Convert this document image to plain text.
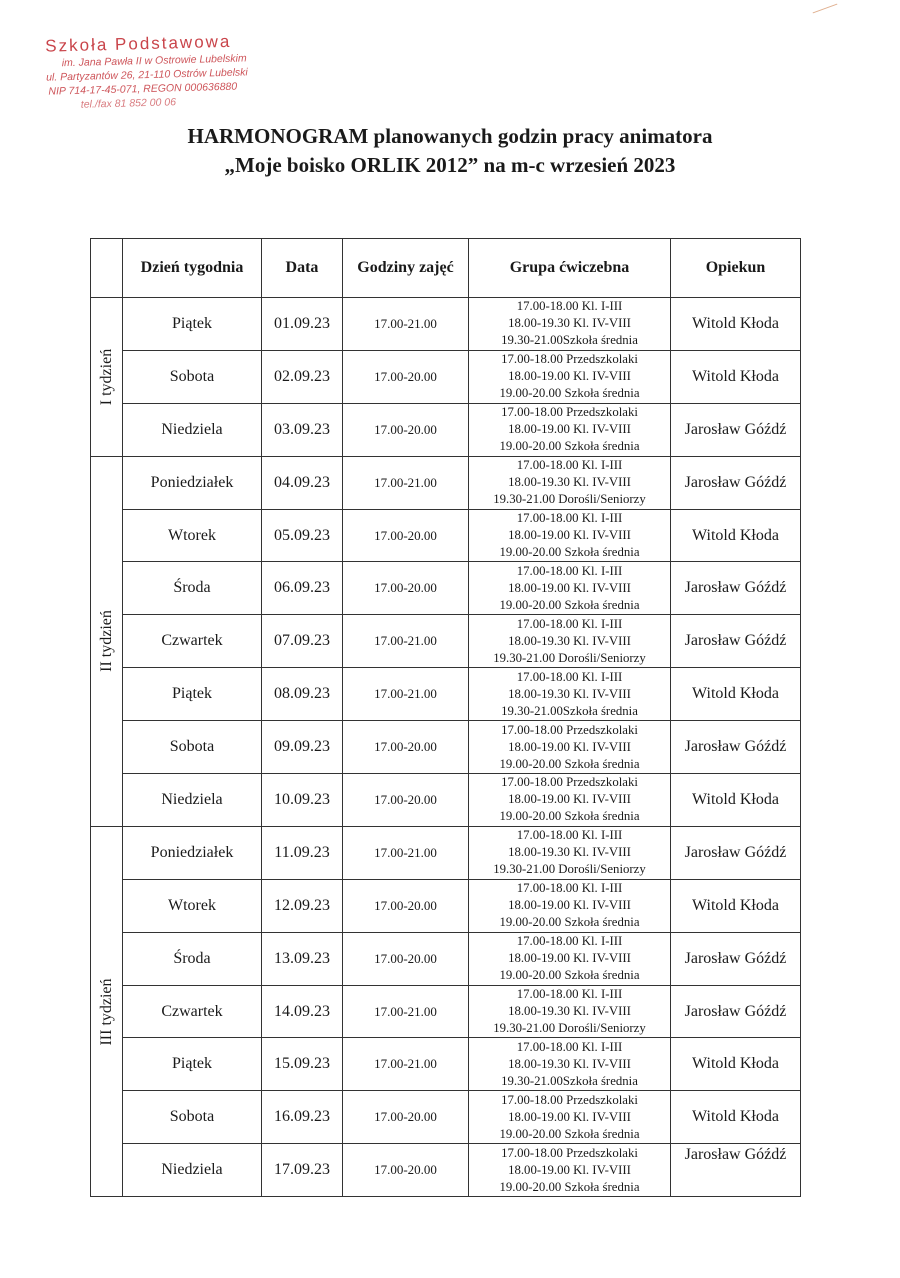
Szkoła Podstawowa
im. Jana Pawła II w Ostrowie Lubelskim
ul. Partyzantów 26, 21-110 Ostrów Lubelski
NIP 714-17-45-071, REGON 000636880
tel./fax 81 852 00 06
HARMONOGRAM planowanych godzin pracy animatora
„Moje boisko ORLIK 2012” na m-c wrzesień 2023
	Dzień tygodnia	Data	Godziny zajęć	Grupa ćwiczebna	Opiekun

I tydzień	Piątek	01.09.23	17.00-21.00	17.00-18.00 Kl. I-III
18.00-19.30 Kl. IV-VIII
19.30-21.00Szkoła średnia	Witold Kłoda
	Sobota	02.09.23	17.00-20.00	17.00-18.00 Przedszkolaki
18.00-19.00 Kl. IV-VIII
19.00-20.00 Szkoła średnia	Witold Kłoda
	Niedziela	03.09.23	17.00-20.00	17.00-18.00 Przedszkolaki
18.00-19.00 Kl. IV-VIII
19.00-20.00 Szkoła średnia	Jarosław Góźdź

II tydzień	Poniedziałek	04.09.23	17.00-21.00	17.00-18.00 Kl. I-III
18.00-19.30 Kl. IV-VIII
19.30-21.00 Dorośli/Seniorzy	Jarosław Góźdź
	Wtorek	05.09.23	17.00-20.00	17.00-18.00 Kl. I-III
18.00-19.00 Kl. IV-VIII
19.00-20.00 Szkoła średnia	Witold Kłoda
	Środa	06.09.23	17.00-20.00	17.00-18.00 Kl. I-III
18.00-19.00 Kl. IV-VIII
19.00-20.00 Szkoła średnia	Jarosław Góźdź
	Czwartek	07.09.23	17.00-21.00	17.00-18.00 Kl. I-III
18.00-19.30 Kl. IV-VIII
19.30-21.00 Dorośli/Seniorzy	Jarosław Góźdź
	Piątek	08.09.23	17.00-21.00	17.00-18.00 Kl. I-III
18.00-19.30 Kl. IV-VIII
19.30-21.00Szkoła średnia	Witold Kłoda
	Sobota	09.09.23	17.00-20.00	17.00-18.00 Przedszkolaki
18.00-19.00 Kl. IV-VIII
19.00-20.00 Szkoła średnia	Jarosław Góźdź
	Niedziela	10.09.23	17.00-20.00	17.00-18.00 Przedszkolaki
18.00-19.00 Kl. IV-VIII
19.00-20.00 Szkoła średnia	Witold Kłoda

III tydzień	Poniedziałek	11.09.23	17.00-21.00	17.00-18.00 Kl. I-III
18.00-19.30 Kl. IV-VIII
19.30-21.00 Dorośli/Seniorzy	Jarosław Góźdź
	Wtorek	12.09.23	17.00-20.00	17.00-18.00 Kl. I-III
18.00-19.00 Kl. IV-VIII
19.00-20.00 Szkoła średnia	Witold Kłoda
	Środa	13.09.23	17.00-20.00	17.00-18.00 Kl. I-III
18.00-19.00 Kl. IV-VIII
19.00-20.00 Szkoła średnia	Jarosław Góźdź
	Czwartek	14.09.23	17.00-21.00	17.00-18.00 Kl. I-III
18.00-19.30 Kl. IV-VIII
19.30-21.00 Dorośli/Seniorzy	Jarosław Góźdź
	Piątek	15.09.23	17.00-21.00	17.00-18.00 Kl. I-III
18.00-19.30 Kl. IV-VIII
19.30-21.00Szkoła średnia	Witold Kłoda
	Sobota	16.09.23	17.00-20.00	17.00-18.00 Przedszkolaki
18.00-19.00 Kl. IV-VIII
19.00-20.00 Szkoła średnia	Witold Kłoda
	Niedziela	17.09.23	17.00-20.00	17.00-18.00 Przedszkolaki
18.00-19.00 Kl. IV-VIII
19.00-20.00 Szkoła średnia	Jarosław Góźdź
